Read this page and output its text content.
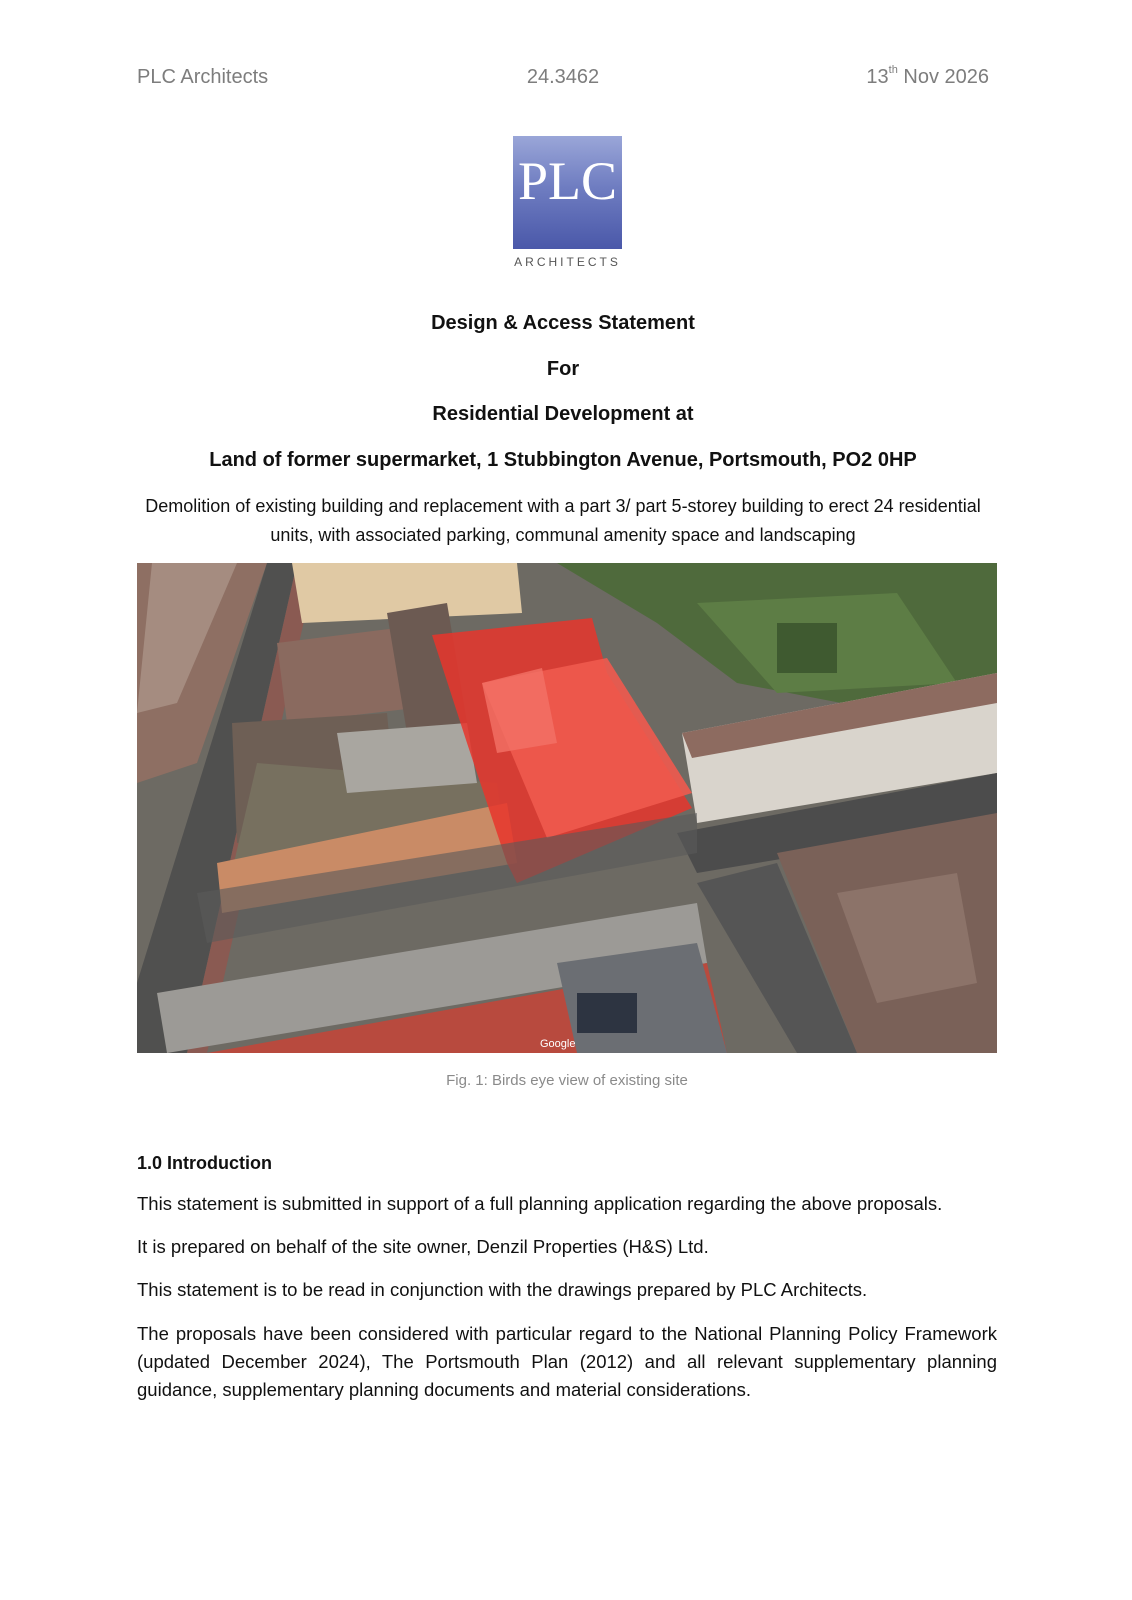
PLC Architects	24.3462	13th Nov 2026
PLC
ARCHITECTS
Design & Access Statement
For
Residential Development at
Land of former supermarket, 1 Stubbington Avenue, Portsmouth, PO2 0HP
Demolition of existing building and replacement with a part 3/ part 5-storey building to erect 24 residential units, with associated parking, communal amenity space and landscaping
Google
Fig. 1: Birds eye view of existing site
1.0 Introduction
This statement is submitted in support of a full planning application regarding the above proposals.
It is prepared on behalf of the site owner, Denzil Properties (H&S) Ltd.
This statement is to be read in conjunction with the drawings prepared by PLC Architects.
The proposals have been considered with particular regard to the National Planning Policy Framework (updated December 2024), The Portsmouth Plan (2012) and all relevant supplementary planning guidance, supplementary planning documents and material considerations.
